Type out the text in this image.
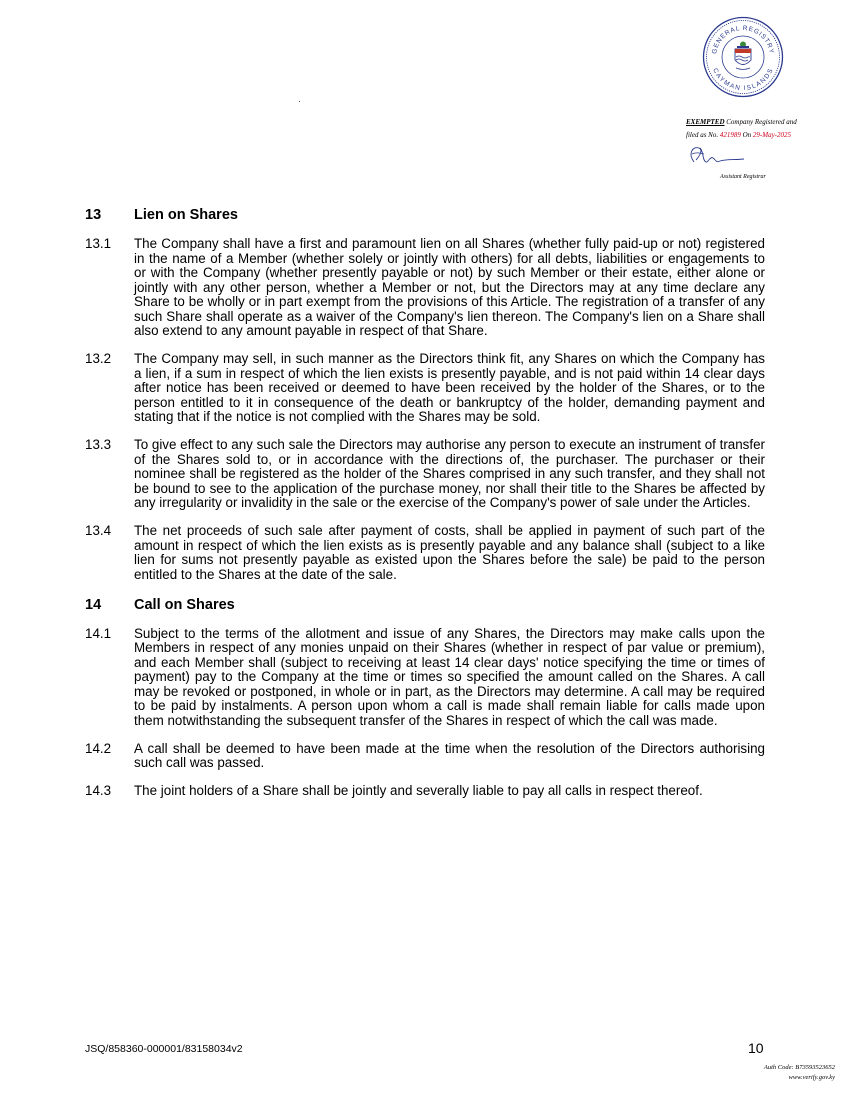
GENERAL REGISTRY
CAYMAN ISLANDS
EXEMPTED Company Registered and
filed as No. 421989 On 29-May-2025
Assistant Registrar
13	Lien on Shares
13.1	The Company shall have a first and paramount lien on all Shares (whether fully paid-up or not) registered in the name of a Member (whether solely or jointly with others) for all debts, liabilities or engagements to or with the Company (whether presently payable or not) by such Member or their estate, either alone or jointly with any other person, whether a Member or not, but the Directors may at any time declare any Share to be wholly or in part exempt from the provisions of this Article. The registration of a transfer of any such Share shall operate as a waiver of the Company's lien thereon. The Company's lien on a Share shall also extend to any amount payable in respect of that Share.
13.2	The Company may sell, in such manner as the Directors think fit, any Shares on which the Company has a lien, if a sum in respect of which the lien exists is presently payable, and is not paid within 14 clear days after notice has been received or deemed to have been received by the holder of the Shares, or to the person entitled to it in consequence of the death or bankruptcy of the holder, demanding payment and stating that if the notice is not complied with the Shares may be sold.
13.3	To give effect to any such sale the Directors may authorise any person to execute an instrument of transfer of the Shares sold to, or in accordance with the directions of, the purchaser. The purchaser or their nominee shall be registered as the holder of the Shares comprised in any such transfer, and they shall not be bound to see to the application of the purchase money, nor shall their title to the Shares be affected by any irregularity or invalidity in the sale or the exercise of the Company's power of sale under the Articles.
13.4	The net proceeds of such sale after payment of costs, shall be applied in payment of such part of the amount in respect of which the lien exists as is presently payable and any balance shall (subject to a like lien for sums not presently payable as existed upon the Shares before the sale) be paid to the person entitled to the Shares at the date of the sale.
14	Call on Shares
14.1	Subject to the terms of the allotment and issue of any Shares, the Directors may make calls upon the Members in respect of any monies unpaid on their Shares (whether in respect of par value or premium), and each Member shall (subject to receiving at least 14 clear days' notice specifying the time or times of payment) pay to the Company at the time or times so specified the amount called on the Shares. A call may be revoked or postponed, in whole or in part, as the Directors may determine. A call may be required to be paid by instalments. A person upon whom a call is made shall remain liable for calls made upon them notwithstanding the subsequent transfer of the Shares in respect of which the call was made.
14.2	A call shall be deemed to have been made at the time when the resolution of the Directors authorising such call was passed.
14.3	The joint holders of a Share shall be jointly and severally liable to pay all calls in respect thereof.
JSQ/858360-000001/83158034v2	10
Auth Code: B73593523652
www.verify.gov.ky
